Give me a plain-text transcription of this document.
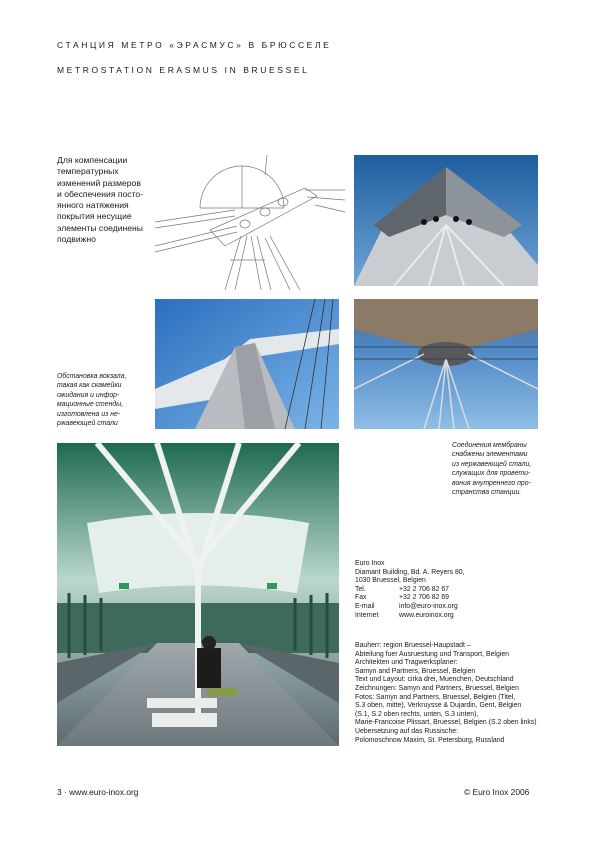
СТАНЦИЯ МЕТРО «ЭРАСМУС» В БРЮССЕЛЕ
METROSTATION ERASMUS IN BRUESSEL
Для компенсации
температурных
изменений размеров
и обеспечения посто-
янного натяжения
покрытия несущие
элементы соединены
подвижно
Обстановка вокзала,
такая как скамейки
ожидания и инфор-
мационные стенды,
изготовлена из не-
ржавеющей стали
Соединения мембраны
снабжены элементами
из нержавеющей стали,
служащих для провети-
вония внутреннего про-
странства станции.
Euro Inox
Diamant Building, Bd. A. Reyers 80,
1030 Bruessel, Belgien
Tel.	+32 2 706 82 67
Fax	+32 2 706 82 69
E-mail	info@euro-inox.org
Internet	www.euroinox.org
Bauherr: region Bruessel-Haupstadt –
Abteilung fuer Ausruestung und Transport, Belgien
Architekten und Tragwerksplaner:
Samyn and Partners, Bruessel, Belgien
Text und Layout: cirka drei, Muenchen, Deutschland
Zeichnungen: Samyn and Partners, Bruessel, Belgien
Fotos: Samyn and Partners, Bruessel, Belgien (Titel,
S.3 oben, mitte), Verkruysse & Dujardin, Gent, Belgien
(S.1, S.2 oben rechts, unten, S.3 unten),
Marie-Francoise Plissart, Bruessel, Belgien (S.2 oben links)
Uebersetzung auf das Russische:
Polomoschnow Maxim, St. Petersburg, Russland
3 · www.euro-inox.org	© Euro Inox 2006
